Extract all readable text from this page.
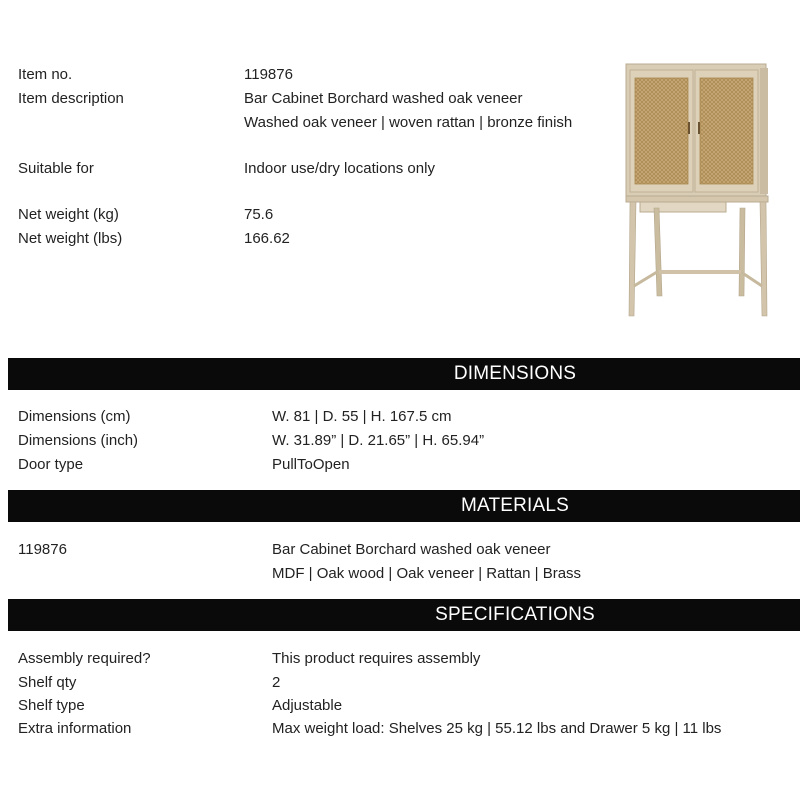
Item no.	119876
Item description	Bar Cabinet Borchard washed oak veneer
Washed oak veneer | woven rattan | bronze finish
Suitable for	Indoor use/dry locations only
Net weight (kg)	75.6
Net weight (lbs)	166.62
DIMENSIONS
Dimensions (cm)	W. 81 | D. 55 | H. 167.5 cm
Dimensions (inch)	W. 31.89” | D. 21.65” | H. 65.94”
Door type	PullToOpen
MATERIALS
119876	Bar Cabinet Borchard washed oak veneer
MDF | Oak wood | Oak veneer | Rattan | Brass
SPECIFICATIONS
Assembly required?	This product requires assembly
Shelf qty	2
Shelf type	Adjustable
Extra information	Max weight load: Shelves 25 kg | 55.12 lbs and Drawer 5 kg | 11 lbs
